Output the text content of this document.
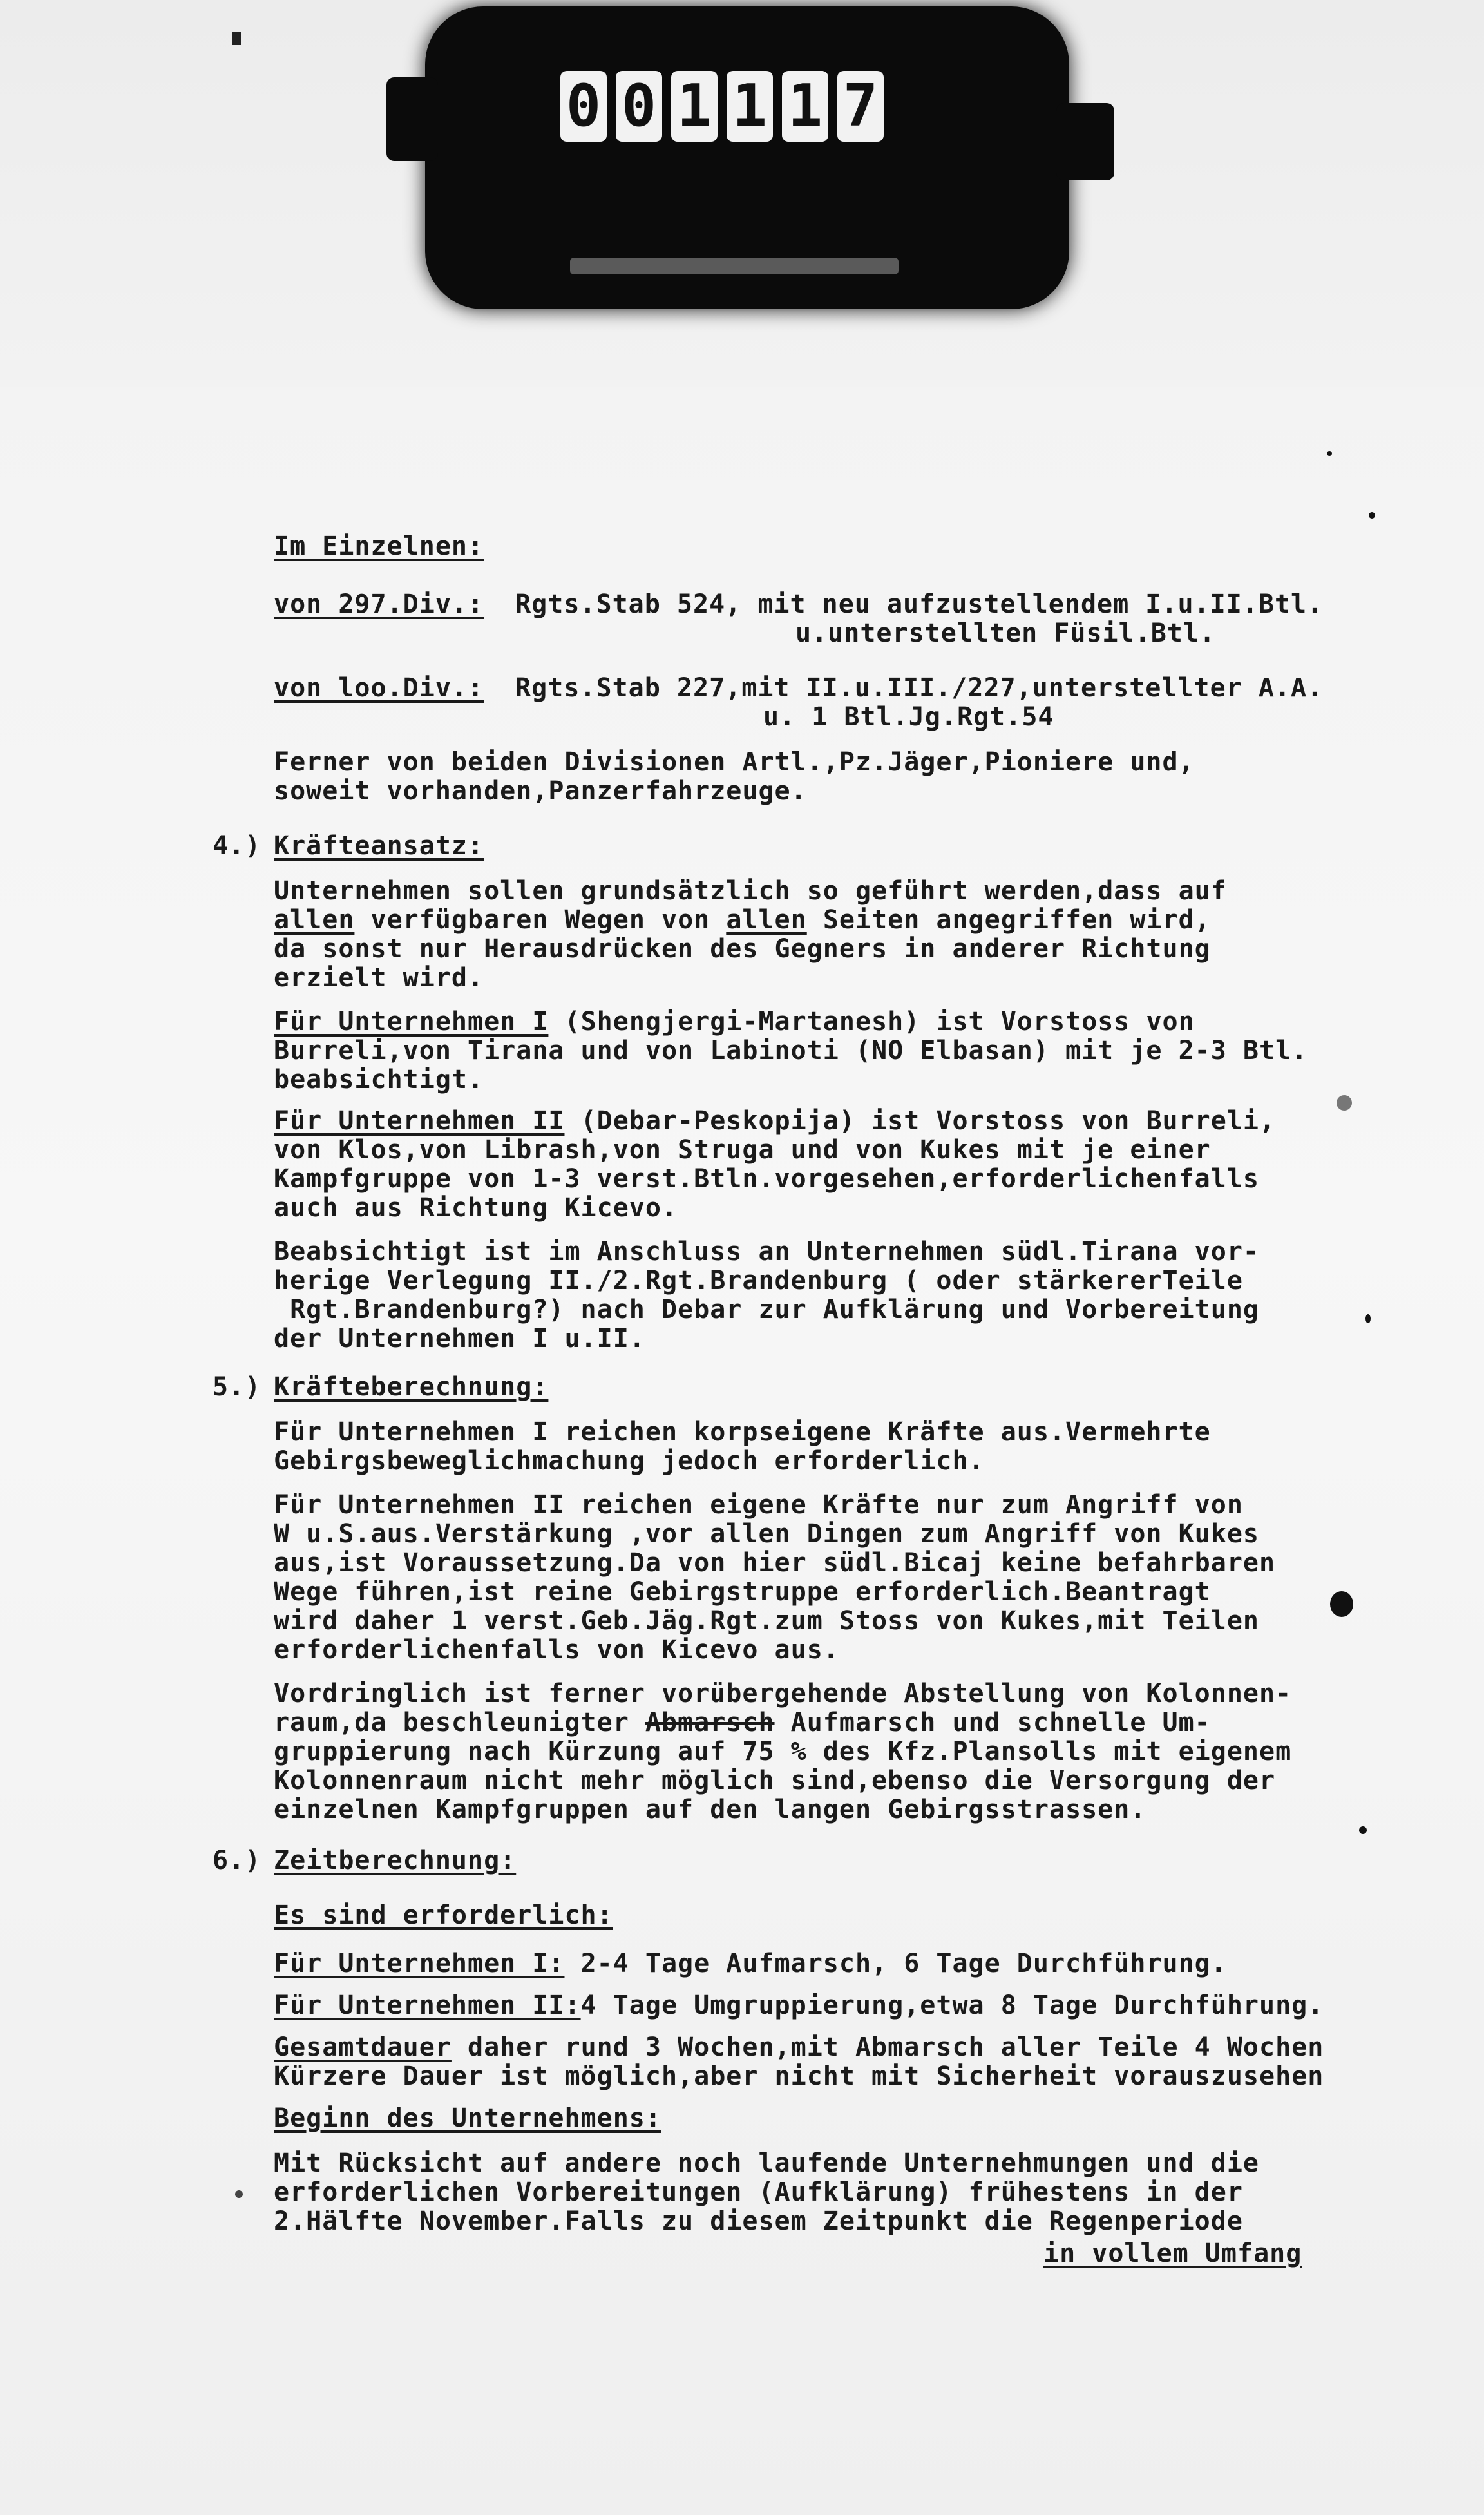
0 0 1 1 1 7
Im Einzelnen:
von 297.Div.: Rgts.Stab 524, mit neu aufzustellendem I.u.II.Btl.
u.unterstellten Füsil.Btl.
von loo.Div.: Rgts.Stab 227,mit II.u.III./227,unterstellter A.A.
u. 1 Btl.Jg.Rgt.54
Ferner von beiden Divisionen Artl.,Pz.Jäger,Pioniere und,
soweit vorhanden,Panzerfahrzeuge.
4.) Kräfteansatz:
Unternehmen sollen grundsätzlich so geführt werden,dass auf
allen verfügbaren Wegen von allen Seiten angegriffen wird,
da sonst nur Herausdrücken des Gegners in anderer Richtung
erzielt wird.
Für Unternehmen I (Shengjergi-Martanesh) ist Vorstoss von
Burreli,von Tirana und von Labinoti (NO Elbasan) mit je 2-3 Btl.
beabsichtigt.
Für Unternehmen II (Debar-Peskopija) ist Vorstoss von Burreli,
von Klos,von Librash,von Struga und von Kukes mit je einer
Kampfgruppe von 1-3 verst.Btln.vorgesehen,erforderlichenfalls
auch aus Richtung Kicevo.
Beabsichtigt ist im Anschluss an Unternehmen südl.Tirana vor-
herige Verlegung II./2.Rgt.Brandenburg ( oder stärkererTeile
Rgt.Brandenburg?) nach Debar zur Aufklärung und Vorbereitung
der Unternehmen I u.II.
5.) Kräfteberechnung:
Für Unternehmen I reichen korpseigene Kräfte aus.Vermehrte
Gebirgsbeweglichmachung jedoch erforderlich.
Für Unternehmen II reichen eigene Kräfte nur zum Angriff von
W u.S.aus.Verstärkung ,vor allen Dingen zum Angriff von Kukes
aus,ist Voraussetzung.Da von hier südl.Bicaj keine befahrbaren
Wege führen,ist reine Gebirgstruppe erforderlich.Beantragt
wird daher 1 verst.Geb.Jäg.Rgt.zum Stoss von Kukes,mit Teilen
erforderlichenfalls von Kicevo aus.
Vordringlich ist ferner vorübergehende Abstellung von Kolonnen-
raum,da beschleunigter Abmarsch Aufmarsch und schnelle Um-
gruppierung nach Kürzung auf 75 % des Kfz.Plansolls mit eigenem
Kolonnenraum nicht mehr möglich sind,ebenso die Versorgung der
einzelnen Kampfgruppen auf den langen Gebirgsstrassen.
6.) Zeitberechnung:
Es sind erforderlich:
Für Unternehmen I: 2-4 Tage Aufmarsch, 6 Tage Durchführung.
Für Unternehmen II:4 Tage Umgruppierung,etwa 8 Tage Durchführung.
Gesamtdauer daher rund 3 Wochen,mit Abmarsch aller Teile 4 Wochen
Kürzere Dauer ist möglich,aber nicht mit Sicherheit vorauszusehen
Beginn des Unternehmens:
Mit Rücksicht auf andere noch laufende Unternehmungen und die
erforderlichen Vorbereitungen (Aufklärung) frühestens in der
2.Hälfte November.Falls zu diesem Zeitpunkt die Regenperiode
in vollem Umfang
